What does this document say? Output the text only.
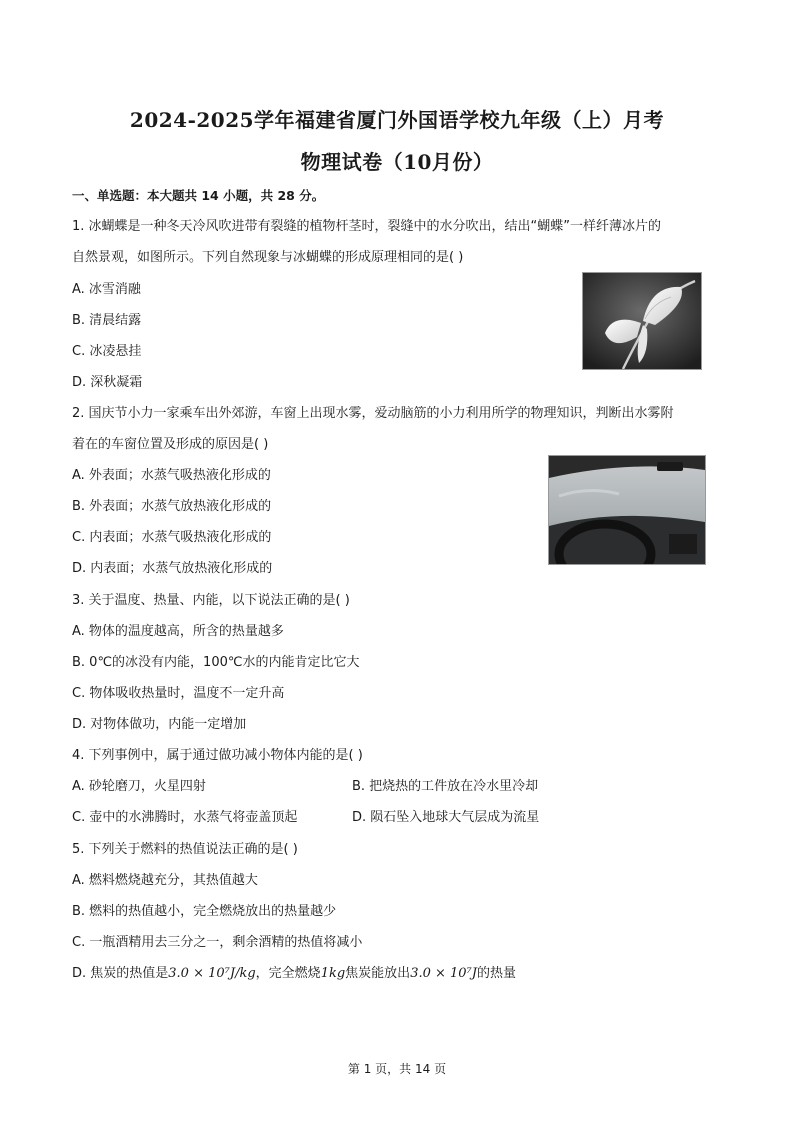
2024-2025学年福建省厦门外国语学校九年级（上）月考
物理试卷（10月份）
一、单选题：本大题共 14 小题，共 28 分。
1. 冰蝴蝶是一种冬天冷风吹进带有裂缝的植物杆茎时，裂缝中的水分吹出，结出“蝴蝶”一样纤薄冰片的
自然景观，如图所示。下列自然现象与冰蝴蝶的形成原理相同的是( )
A. 冰雪消融
B. 清晨结露
C. 冰凌悬挂
D. 深秋凝霜
2. 国庆节小力一家乘车出外郊游，车窗上出现水雾，爱动脑筋的小力利用所学的物理知识，判断出水雾附
着在的车窗位置及形成的原因是( )
A. 外表面；水蒸气吸热液化形成的
B. 外表面；水蒸气放热液化形成的
C. 内表面；水蒸气吸热液化形成的
D. 内表面；水蒸气放热液化形成的
3. 关于温度、热量、内能，以下说法正确的是( )
A. 物体的温度越高，所含的热量越多
B. 0℃的冰没有内能，100℃水的内能肯定比它大
C. 物体吸收热量时，温度不一定升高
D. 对物体做功，内能一定增加
4. 下列事例中，属于通过做功减小物体内能的是( )
A. 砂轮磨刀，火星四射	B. 把烧热的工件放在冷水里冷却
C. 壶中的水沸腾时，水蒸气将壶盖顶起	D. 陨石坠入地球大气层成为流星
5. 下列关于燃料的热值说法正确的是( )
A. 燃料燃烧越充分，其热值越大
B. 燃料的热值越小，完全燃烧放出的热量越少
C. 一瓶酒精用去三分之一，剩余酒精的热值将减小
D. 焦炭的热值是3.0 × 10⁷J/kg，完全燃烧1kg焦炭能放出3.0 × 10⁷J的热量
第 1 页，共 14 页
